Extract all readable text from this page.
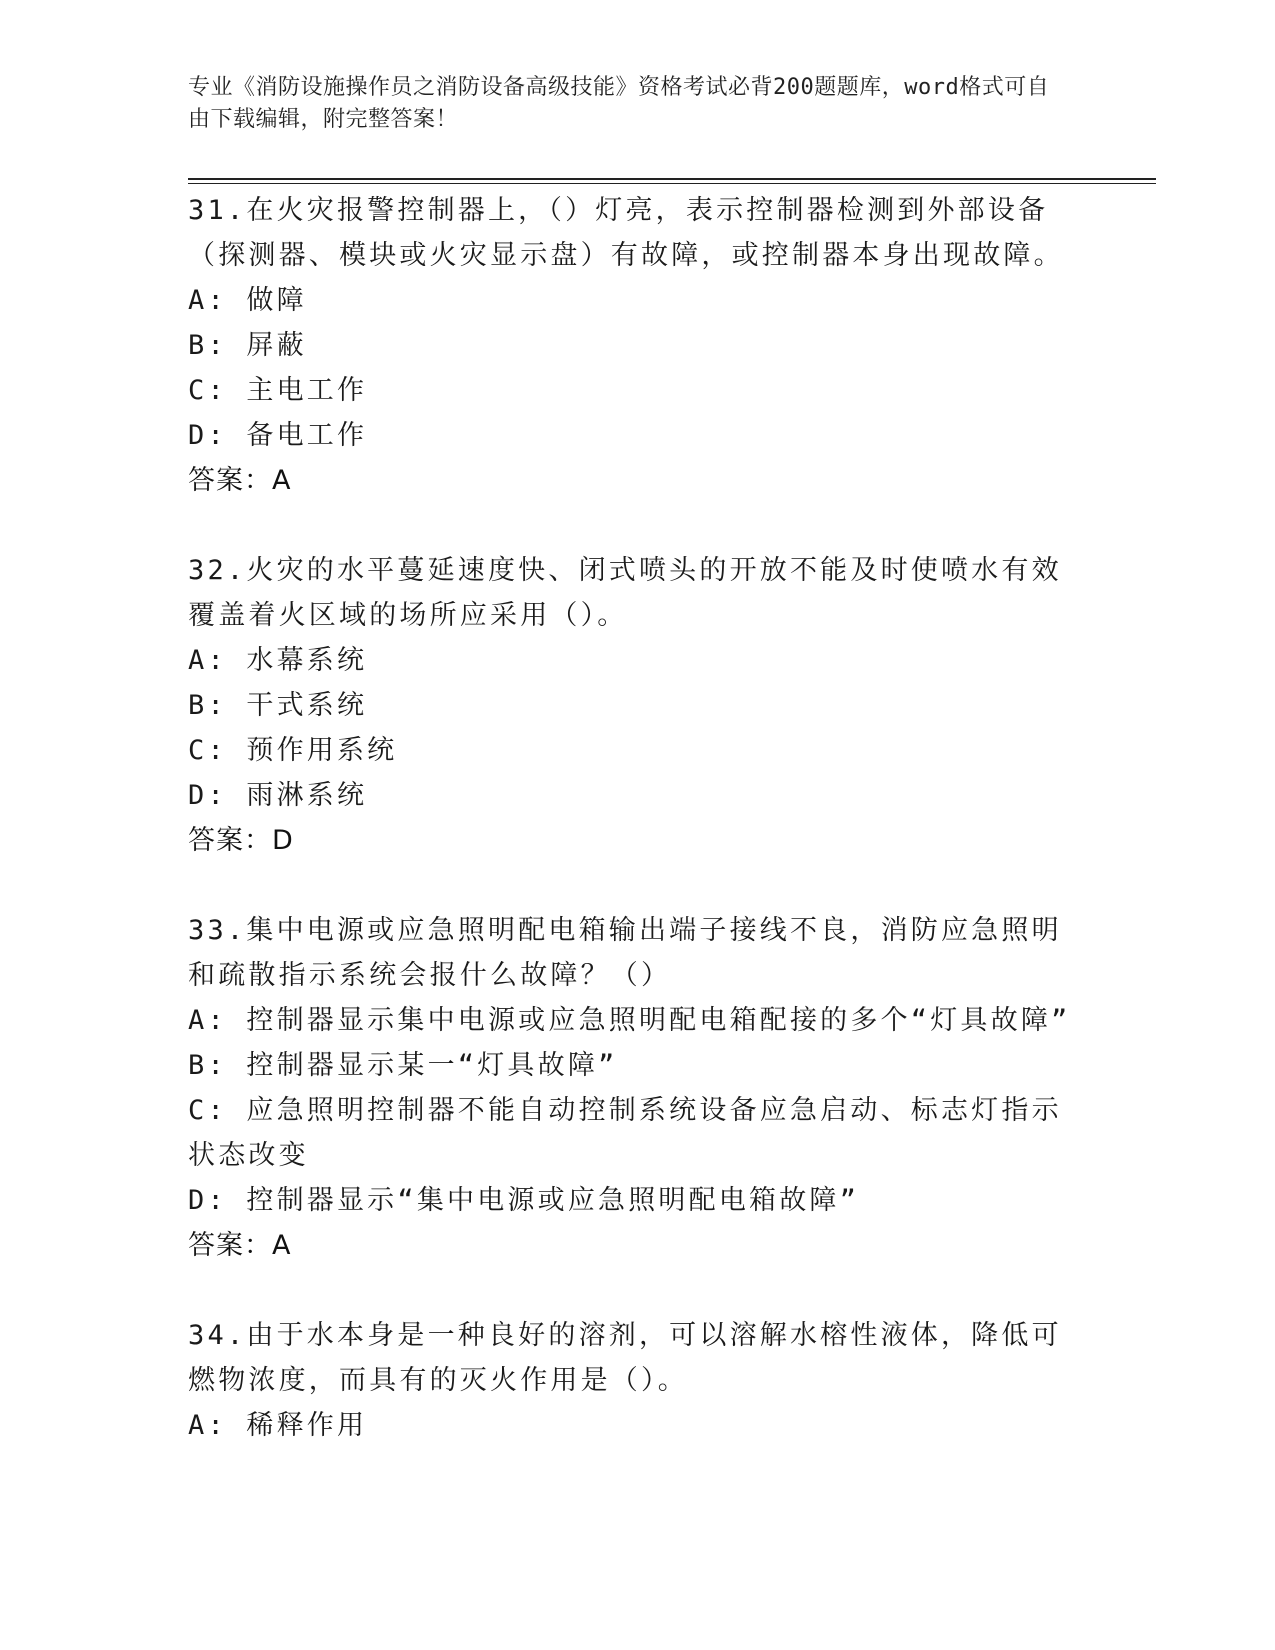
专业《消防设施操作员之消防设备高级技能》资格考试必背200题题库，word格式可自由下载编辑，附完整答案！
31.在火灾报警控制器上，（）灯亮，表示控制器检测到外部设备（探测器、模块或火灾显示盘）有故障，或控制器本身出现故障。
A: 做障
B: 屏蔽
C: 主电工作
D: 备电工作
答案：A
32.火灾的水平蔓延速度快、闭式喷头的开放不能及时使喷水有效覆盖着火区域的场所应采用（）。
A: 水幕系统
B: 干式系统
C: 预作用系统
D: 雨淋系统
答案：D
33.集中电源或应急照明配电箱输出端子接线不良，消防应急照明和疏散指示系统会报什么故障？（）
A: 控制器显示集中电源或应急照明配电箱配接的多个“灯具故障”
B: 控制器显示某一“灯具故障”
C: 应急照明控制器不能自动控制系统设备应急启动、标志灯指示状态改变
D: 控制器显示“集中电源或应急照明配电箱故障”
答案：A
34.由于水本身是一种良好的溶剂，可以溶解水榕性液体，降低可燃物浓度，而具有的灭火作用是（）。
A: 稀释作用
